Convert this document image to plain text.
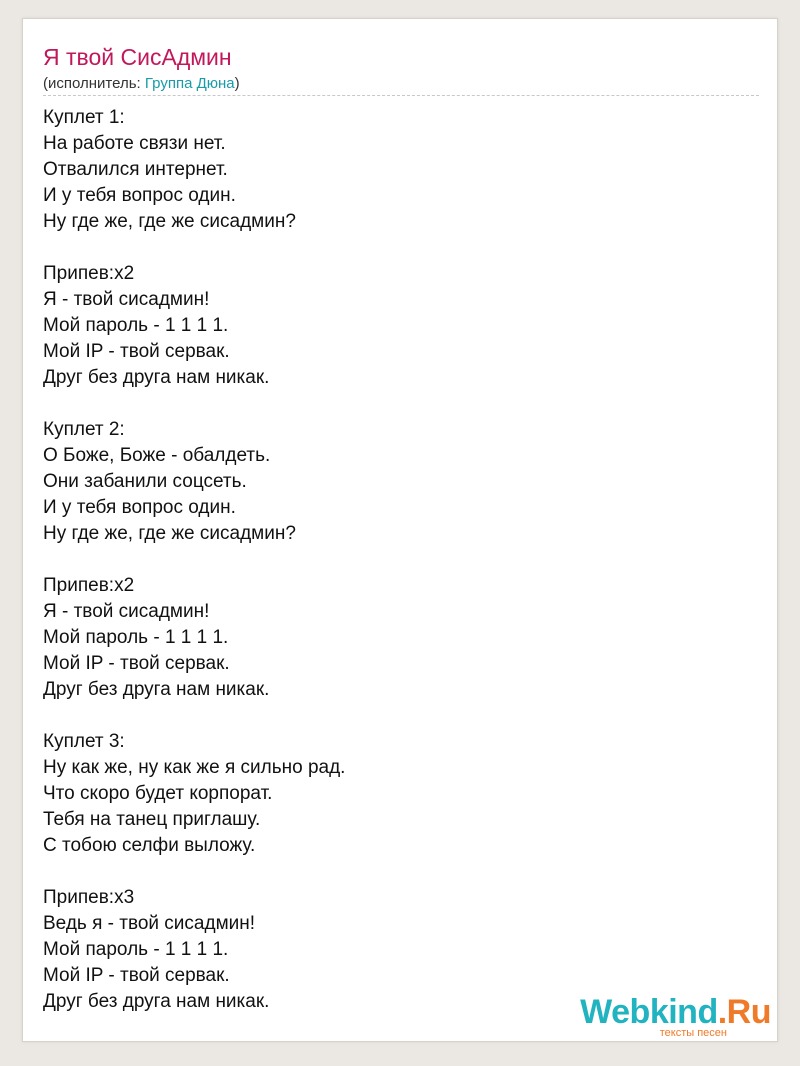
Я твой СисАдмин
(исполнитель: Группа Дюна)
Куплет 1:
На работе связи нет.
Отвалился интернет.
И у тебя вопрос один.
Ну где же, где же сисадмин?
Припев:x2
Я - твой сисадмин!
Мой пароль - 1 1 1 1.
Мой IP - твой сервак.
Друг без друга нам никак.
Куплет 2:
О Боже, Боже - обалдеть.
Они забанили соцсеть.
И у тебя вопрос один.
Ну где же, где же сисадмин?
Припев:x2
Я - твой сисадмин!
Мой пароль - 1 1 1 1.
Мой IP - твой сервак.
Друг без друга нам никак.
Куплет 3:
Ну как же, ну как же я сильно рад.
Что скоро будет корпорат.
Тебя на танец приглашу.
С тобою селфи выложу.
Припев:x3
Ведь я - твой сисадмин!
Мой пароль - 1 1 1 1.
Мой IP - твой сервак.
Друг без друга нам никак.	Webkind.Ru
тексты песен
